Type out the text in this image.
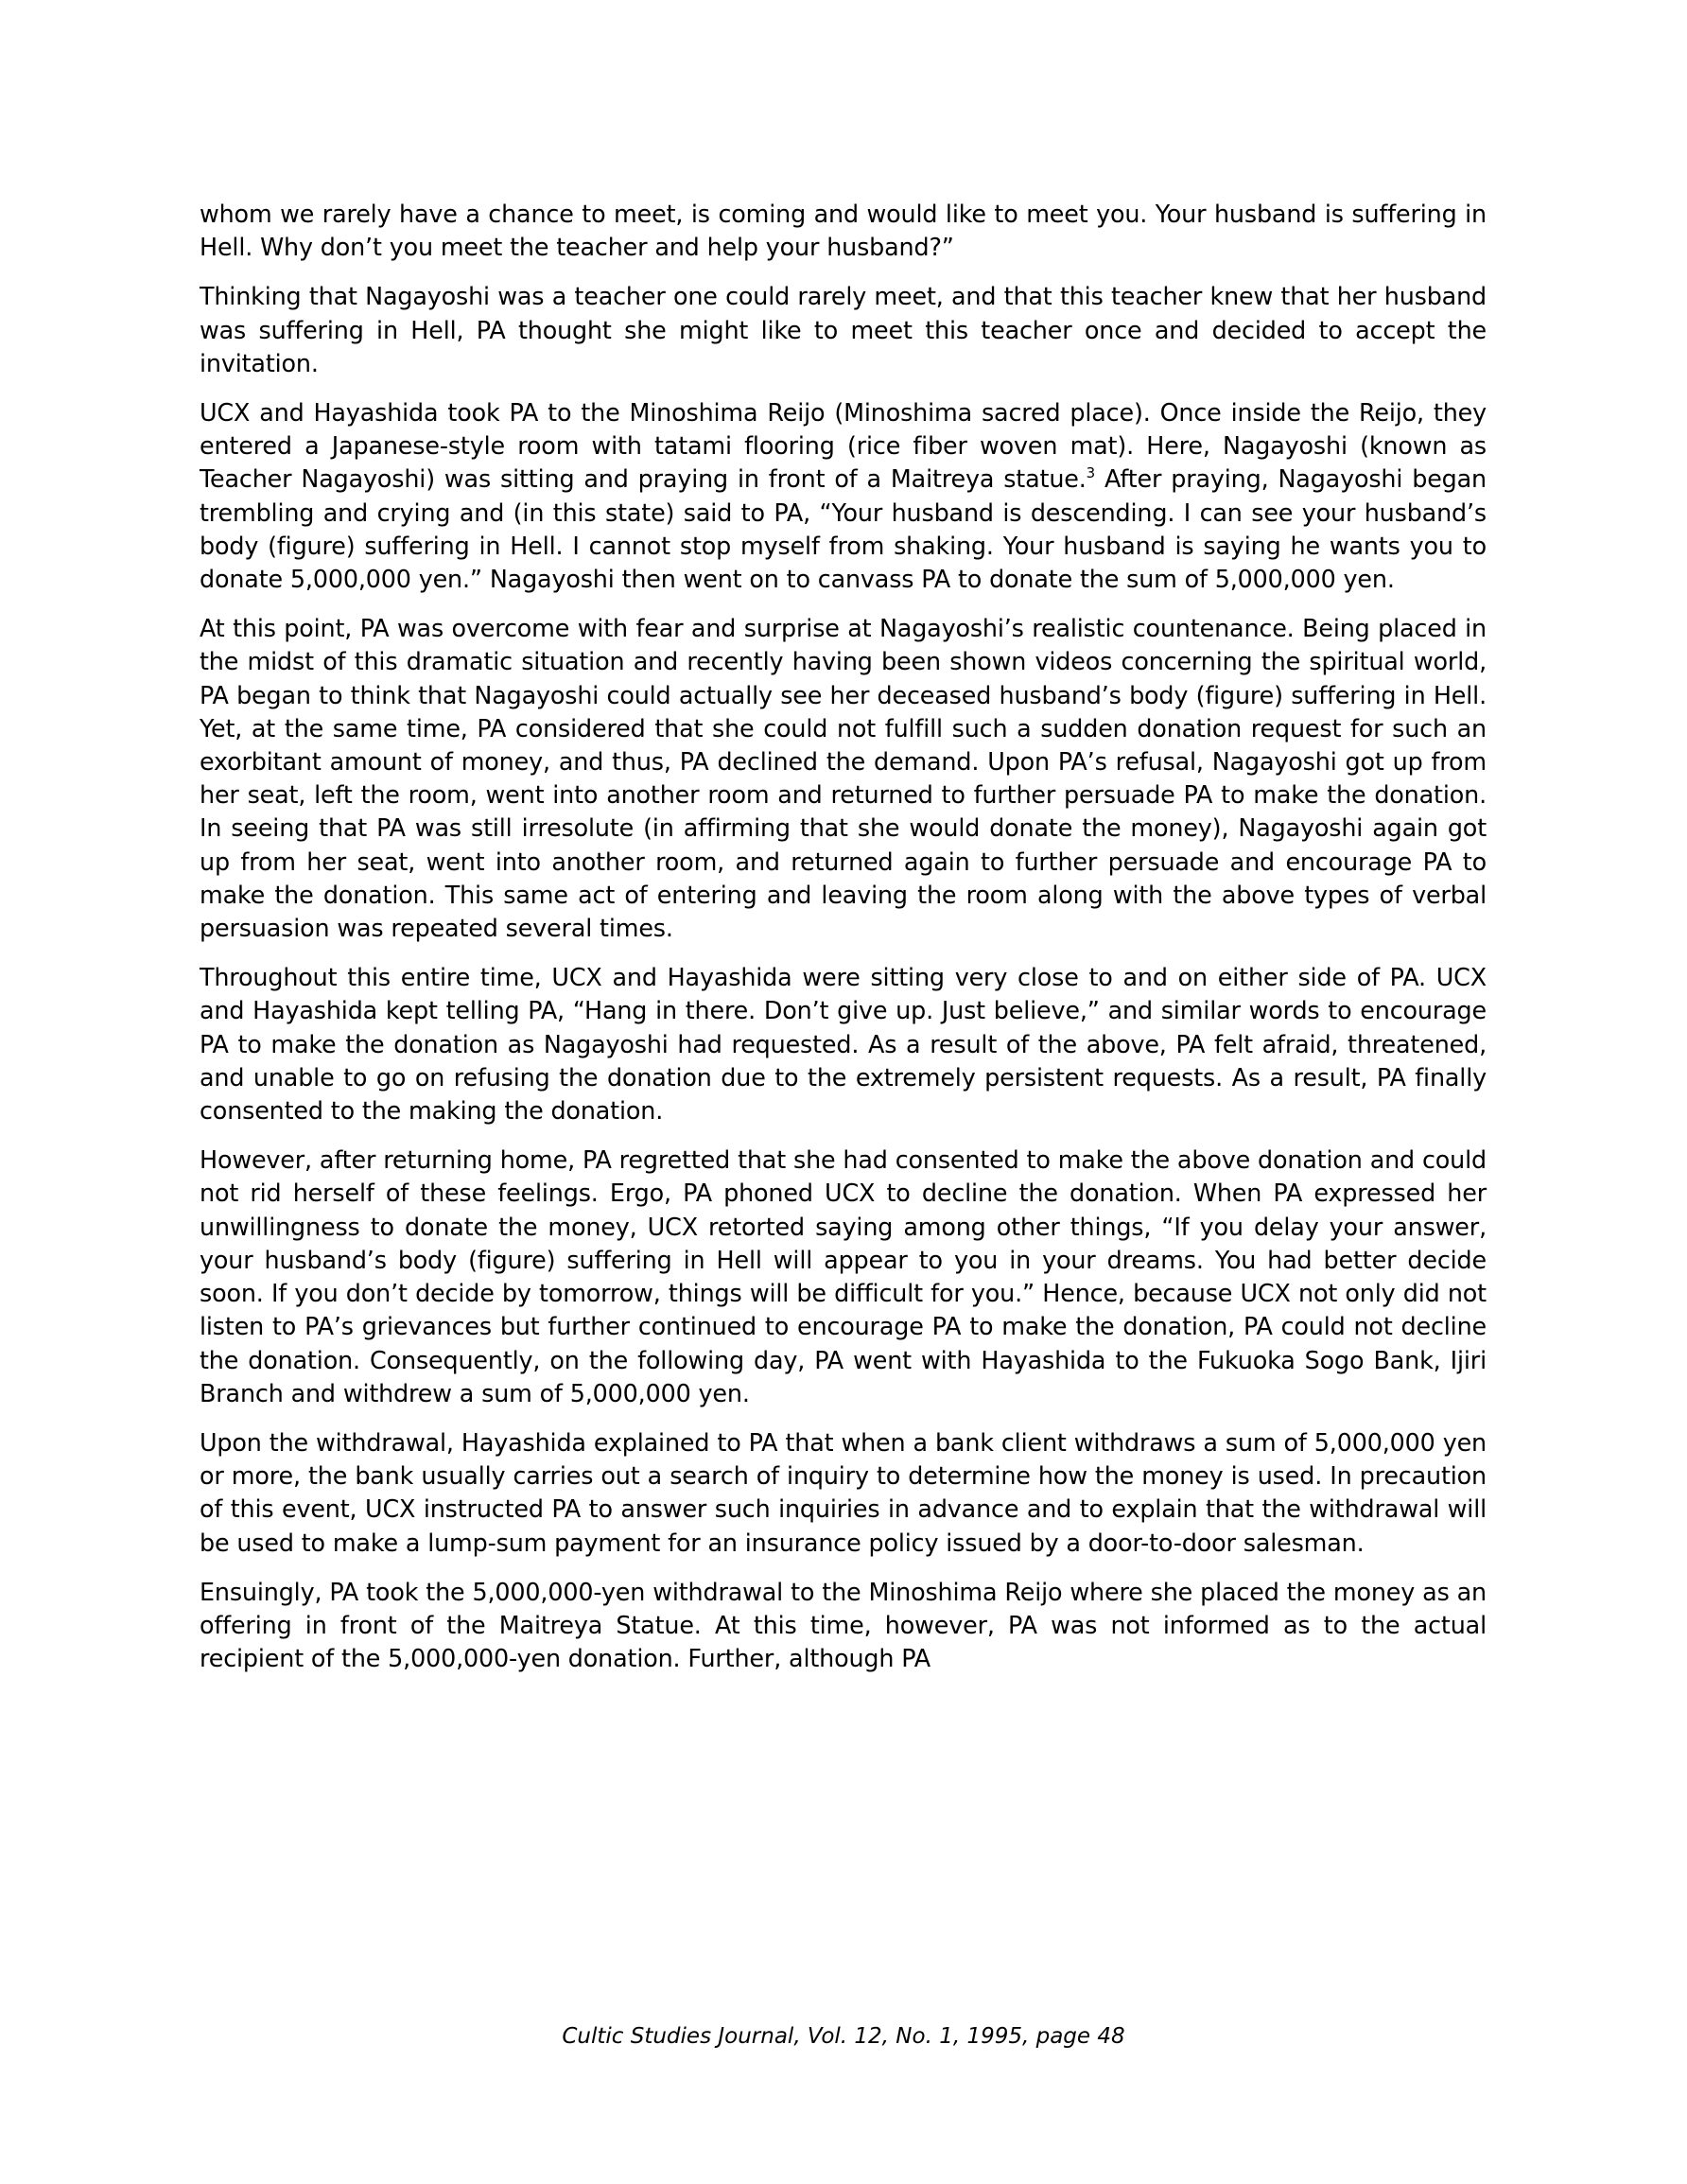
whom we rarely have a chance to meet, is coming and would like to meet you. Your husband is suffering in Hell. Why don’t you meet the teacher and help your husband?”

Thinking that Nagayoshi was a teacher one could rarely meet, and that this teacher knew that her husband was suffering in Hell, PA thought she might like to meet this teacher once and decided to accept the invitation.

UCX and Hayashida took PA to the Minoshima Reijo (Minoshima sacred place). Once inside the Reijo, they entered a Japanese-style room with tatami flooring (rice fiber woven mat). Here, Nagayoshi (known as Teacher Nagayoshi) was sitting and praying in front of a Maitreya statue.$^3$ After praying, Nagayoshi began trembling and crying and (in this state) said to PA, “Your husband is descending. I can see your husband’s body (figure) suffering in Hell. I cannot stop myself from shaking. Your husband is saying he wants you to donate 5,000,000 yen.” Nagayoshi then went on to canvass PA to donate the sum of 5,000,000 yen.

At this point, PA was overcome with fear and surprise at Nagayoshi’s realistic countenance. Being placed in the midst of this dramatic situation and recently having been shown videos concerning the spiritual world, PA began to think that Nagayoshi could actually see her deceased husband’s body (figure) suffering in Hell. Yet, at the same time, PA considered that she could not fulfill such a sudden donation request for such an exorbitant amount of money, and thus, PA declined the demand. Upon PA’s refusal, Nagayoshi got up from her seat, left the room, went into another room and returned to further persuade PA to make the donation. In seeing that PA was still irresolute (in affirming that she would donate the money), Nagayoshi again got up from her seat, went into another room, and returned again to further persuade and encourage PA to make the donation. This same act of entering and leaving the room along with the above types of verbal persuasion was repeated several times.

Throughout this entire time, UCX and Hayashida were sitting very close to and on either side of PA. UCX and Hayashida kept telling PA, “Hang in there. Don’t give up. Just believe,” and similar words to encourage PA to make the donation as Nagayoshi had requested. As a result of the above, PA felt afraid, threatened, and unable to go on refusing the donation due to the extremely persistent requests. As a result, PA finally consented to the making the donation.

However, after returning home, PA regretted that she had consented to make the above donation and could not rid herself of these feelings. Ergo, PA phoned UCX to decline the donation. When PA expressed her unwillingness to donate the money, UCX retorted saying among other things, “If you delay your answer, your husband’s body (figure) suffering in Hell will appear to you in your dreams. You had better decide soon. If you don’t decide by tomorrow, things will be difficult for you.” Hence, because UCX not only did not listen to PA’s grievances but further continued to encourage PA to make the donation, PA could not decline the donation. Consequently, on the following day, PA went with Hayashida to the Fukuoka Sogo Bank, Ijiri Branch and withdrew a sum of 5,000,000 yen.

Upon the withdrawal, Hayashida explained to PA that when a bank client withdraws a sum of 5,000,000 yen or more, the bank usually carries out a search of inquiry to determine how the money is used. In precaution of this event, UCX instructed PA to answer such inquiries in advance and to explain that the withdrawal will be used to make a lump-sum payment for an insurance policy issued by a door-to-door salesman.

Ensuingly, PA took the 5,000,000-yen withdrawal to the Minoshima Reijo where she placed the money as an offering in front of the Maitreya Statue. At this time, however, PA was not informed as to the actual recipient of the 5,000,000-yen donation. Further, although PA

Cultic Studies Journal, Vol. 12, No. 1, 1995, page 48
